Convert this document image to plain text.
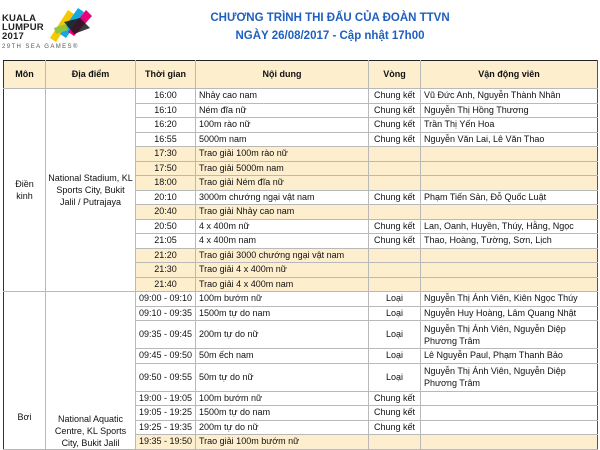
KUALA
LUMPUR
2017
29TH SEA GAMES®
CHƯƠNG TRÌNH THI ĐẤU CỦA ĐOÀN TTVN
NGÀY 26/08/2017 - Cập nhật 17h00
Môn	Địa điểm	Thời gian	Nội dung	Vòng	Vận động viên
Điền kinh	National Stadium, KL Sports City, Bukit Jalil / Putrajaya	16:00	Nhảy cao nam	Chung kết	Vũ Đức Anh, Nguyễn Thành Nhân
		16:10	Ném đĩa nữ	Chung kết	Nguyễn Thị Hồng Thương
		16:20	100m rào nữ	Chung kết	Trần Thị Yến Hoa
		16:55	5000m nam	Chung kết	Nguyễn Văn Lai, Lê Văn Thao
		17:30	Trao giải 100m rào nữ		
		17:50	Trao giải 5000m nam		
		18:00	Trao giải Ném đĩa nữ		
		20:10	3000m chướng ngại vật nam	Chung kết	Phạm Tiến Sản, Đỗ Quốc Luật
		20:40	Trao giải Nhảy cao nam		
		20:50	4 x 400m nữ	Chung kết	Lan, Oanh, Huyền, Thúy, Hằng, Ngọc
		21:05	4 x 400m nam	Chung kết	Thao, Hoàng, Tường, Sơn, Lịch
		21:20	Trao giải 3000 chướng ngại vật nam		
		21:30	Trao giải 4 x 400m nữ		
		21:40	Trao giải 4 x 400m nam		
Bơi	National Aquatic Centre, KL Sports City, Bukit Jalil	09:00 - 09:10	100m bướm nữ	Loại	Nguyễn Thị Ánh Viên, Kiên Ngọc Thúy
		09:10 - 09:35	1500m tự do nam	Loại	Nguyễn Huy Hoàng, Lâm Quang Nhật
		09:35 - 09:45	200m tự do nữ	Loại	Nguyễn Thị Ánh Viên, Nguyễn Diệp Phương Trâm
		09:45 - 09:50	50m ếch nam	Loại	Lê Nguyễn Paul, Phạm Thanh Bảo
		09:50 - 09:55	50m tự do nữ	Loại	Nguyễn Thị Ánh Viên, Nguyễn Diệp Phương Trâm
		19:00 - 19:05	100m bướm nữ	Chung kết	
		19:05 - 19:25	1500m tự do nam	Chung kết	
		19:25 - 19:35	200m tự do nữ	Chung kết	
		19:35 - 19:50	Trao giải 100m bướm nữ		
